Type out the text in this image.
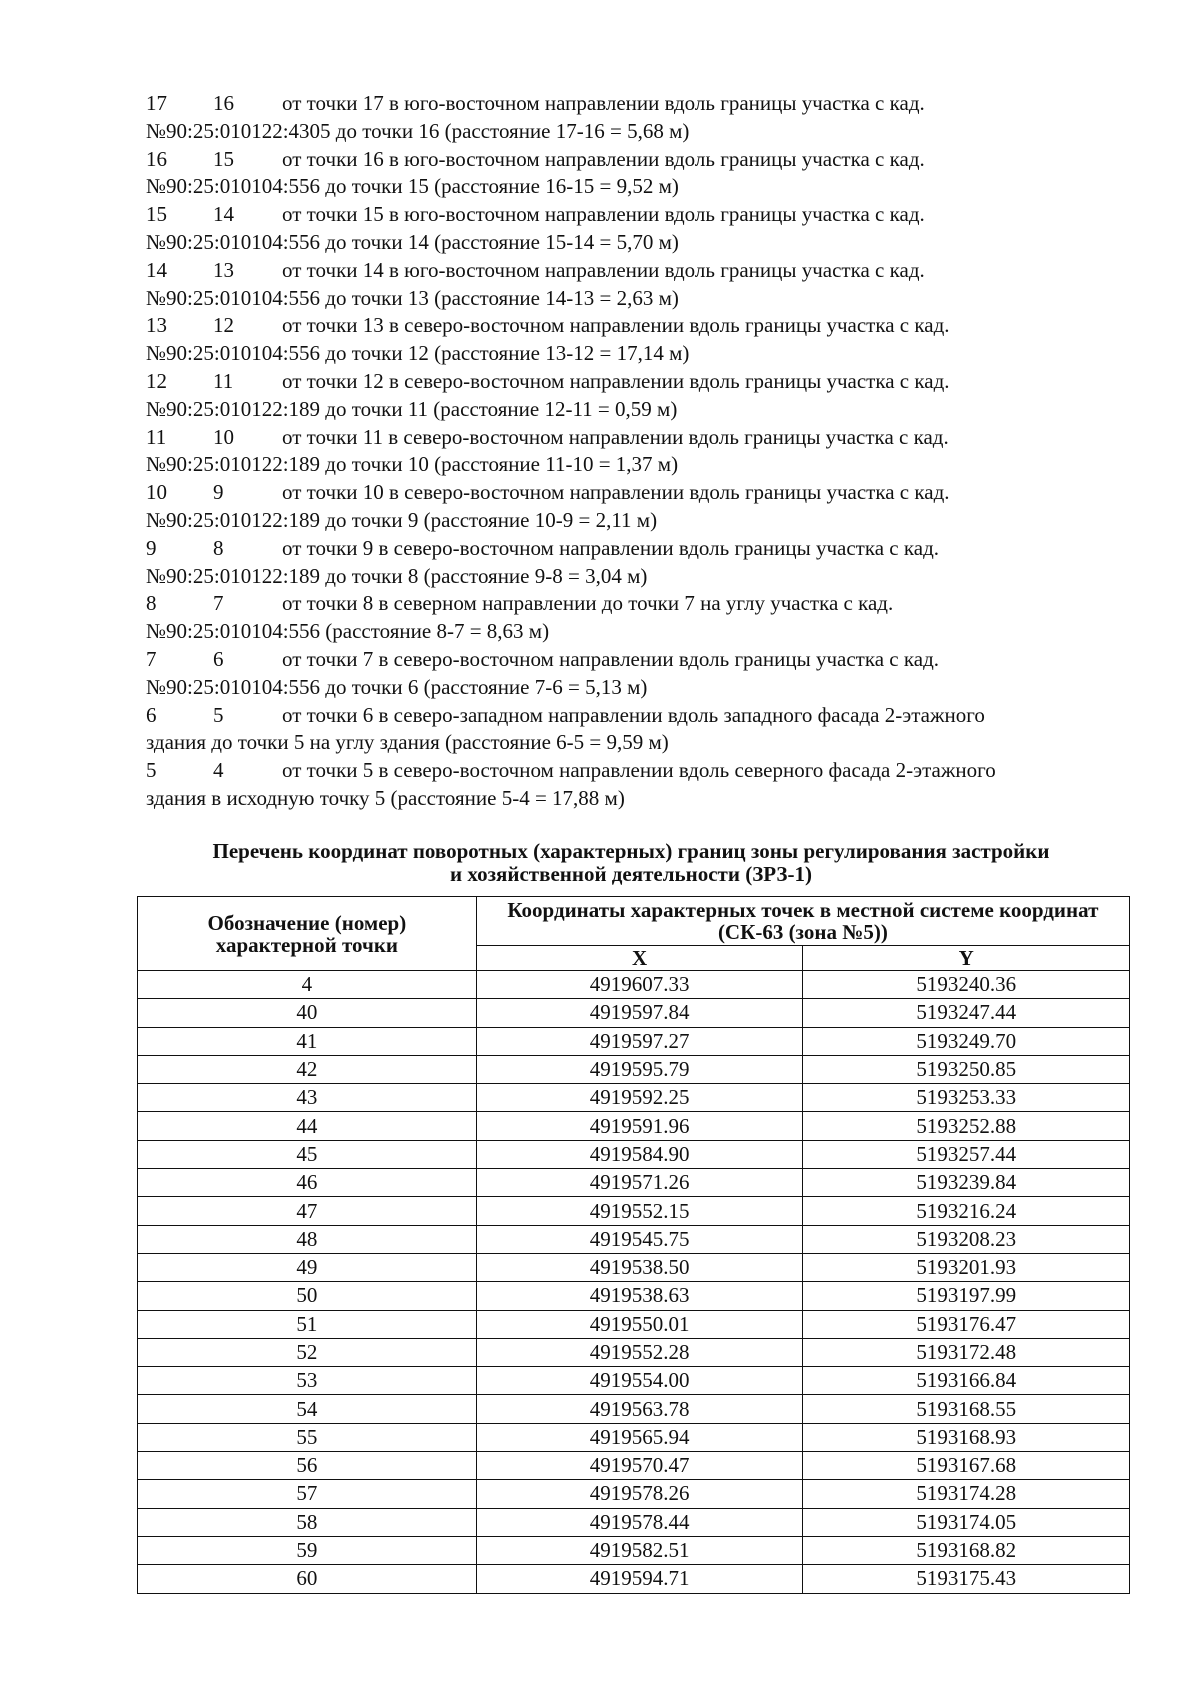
17 16 от точки 17 в юго-восточном направлении вдоль границы участка с кад.
№90:25:010122:4305 до точки 16 (расстояние 17-16 = 5,68 м)
16 15 от точки 16 в юго-восточном направлении вдоль границы участка с кад.
№90:25:010104:556 до точки 15 (расстояние 16-15 = 9,52 м)
15 14 от точки 15 в юго-восточном направлении вдоль границы участка с кад.
№90:25:010104:556 до точки 14 (расстояние 15-14 = 5,70 м)
14 13 от точки 14 в юго-восточном направлении вдоль границы участка с кад.
№90:25:010104:556 до точки 13 (расстояние 14-13 = 2,63 м)
13 12 от точки 13 в северо-восточном направлении вдоль границы участка с кад.
№90:25:010104:556 до точки 12 (расстояние 13-12 = 17,14 м)
12 11 от точки 12 в северо-восточном направлении вдоль границы участка с кад.
№90:25:010122:189 до точки 11 (расстояние 12-11 = 0,59 м)
11 10 от точки 11 в северо-восточном направлении вдоль границы участка с кад.
№90:25:010122:189 до точки 10 (расстояние 11-10 = 1,37 м)
10 9	от точки 10 в северо-восточном направлении вдоль границы участка с кад.
№90:25:010122:189 до точки 9 (расстояние 10-9 = 2,11 м)
9	8	от точки 9 в северо-восточном направлении вдоль границы участка с кад.
№90:25:010122:189 до точки 8 (расстояние 9-8 = 3,04 м)
8	7	от точки 8 в северном направлении до точки 7 на углу участка с кад.
№90:25:010104:556 (расстояние 8-7 = 8,63 м)
7	6	от точки 7 в северо-восточном направлении вдоль границы участка с кад.
№90:25:010104:556 до точки 6 (расстояние 7-6 = 5,13 м)
6	5	от точки 6 в северо-западном направлении вдоль западного фасада 2-этажного
здания до точки 5 на углу здания (расстояние 6-5 = 9,59 м)
5	4	от точки 5 в северо-восточном направлении вдоль северного фасада 2-этажного
здания в исходную точку 5 (расстояние 5-4 = 17,88 м)
Перечень координат поворотных (характерных) границ зоны регулирования застройки
и хозяйственной деятельности (ЗРЗ-1)
Обозначение (номер) характерной точки	Координаты характерных точек в местной системе координат (СК-63 (зона №5))	
	X	Y
4	4919607.33	5193240.36
40	4919597.84	5193247.44
41	4919597.27	5193249.70
42	4919595.79	5193250.85
43	4919592.25	5193253.33
44	4919591.96	5193252.88
45	4919584.90	5193257.44
46	4919571.26	5193239.84
47	4919552.15	5193216.24
48	4919545.75	5193208.23
49	4919538.50	5193201.93
50	4919538.63	5193197.99
51	4919550.01	5193176.47
52	4919552.28	5193172.48
53	4919554.00	5193166.84
54	4919563.78	5193168.55
55	4919565.94	5193168.93
56	4919570.47	5193167.68
57	4919578.26	5193174.28
58	4919578.44	5193174.05
59	4919582.51	5193168.82
60	4919594.71	5193175.43
